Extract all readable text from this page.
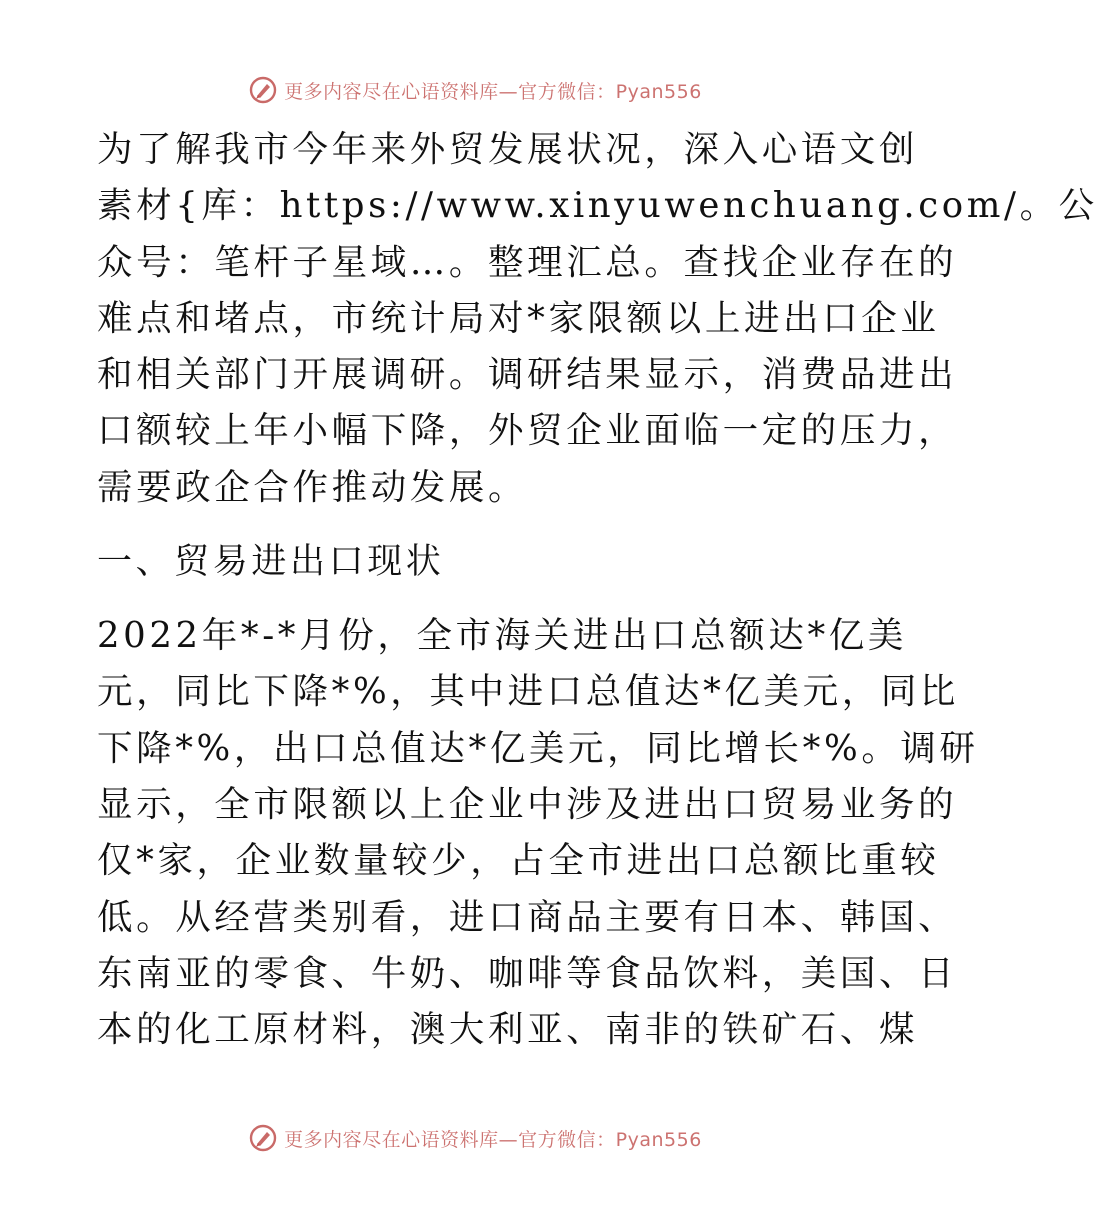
更多内容尽在心语资料库—官方微信：Pyan556
为了解我市今年来外贸发展状况，深入心语文创
素材{库：https://www.xinyuwenchuang.com/。公
众号：笔杆子星域…。整理汇总。查找企业存在的
难点和堵点，市统计局对*家限额以上进出口企业
和相关部门开展调研。调研结果显示，消费品进出
口额较上年小幅下降，外贸企业面临一定的压力，
需要政企合作推动发展。
一、贸易进出口现状
2022年*-*月份，全市海关进出口总额达*亿美
元，同比下降*%，其中进口总值达*亿美元，同比
下降*%，出口总值达*亿美元，同比增长*%。调研
显示，全市限额以上企业中涉及进出口贸易业务的
仅*家，企业数量较少，占全市进出口总额比重较
低。从经营类别看，进口商品主要有日本、韩国、
东南亚的零食、牛奶、咖啡等食品饮料，美国、日
本的化工原材料，澳大利亚、南非的铁矿石、煤
更多内容尽在心语资料库—官方微信：Pyan556
